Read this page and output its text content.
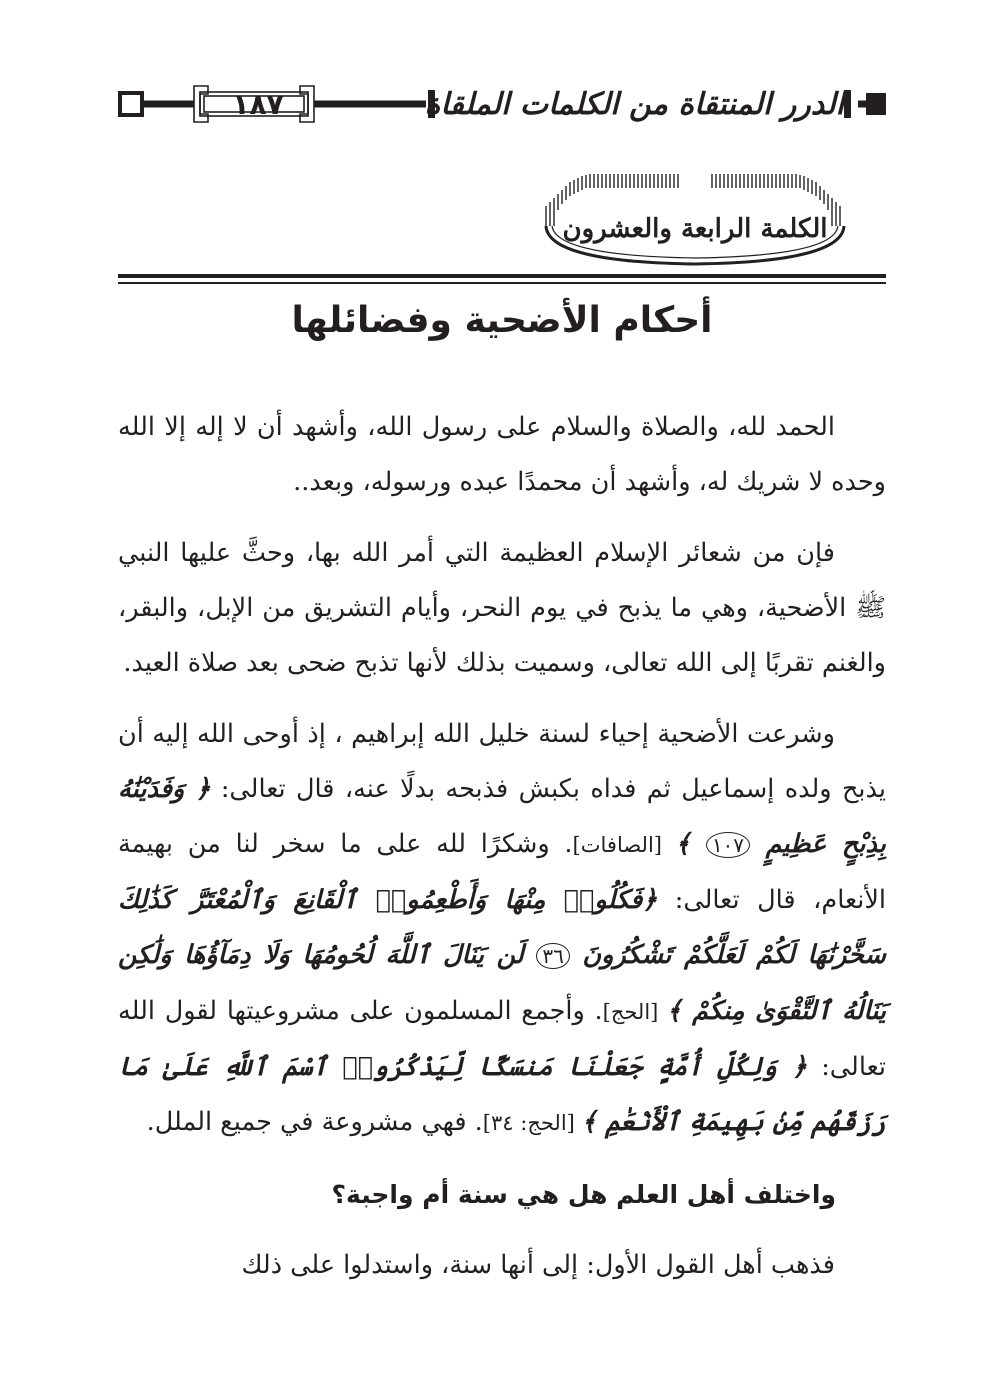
١٨٧	الدرر المنتقاة من الكلمات الملقاة
الكلمة الرابعة والعشرون
أحكام الأضحية وفضائلها

الحمد لله، والصلاة والسلام على رسول الله، وأشهد أن لا إله إلا الله وحده لا شريك له، وأشهد أن محمدًا عبده ورسوله، وبعد..

فإن من شعائر الإسلام العظيمة التي أمر الله بها، وحثَّ عليها النبي ﷺ الأضحية، وهي ما يذبح في يوم النحر، وأيام التشريق من الإبل، والبقر، والغنم تقربًا إلى الله تعالى، وسميت بذلك لأنها تذبح ضحى بعد صلاة العيد.

وشرعت الأضحية إحياء لسنة خليل الله إبراهيم ، إذ أوحى الله إليه أن يذبح ولده إسماعيل ثم فداه بكبش فذبحه بدلًا عنه، قال تعالى: ﴿ وَفَدَيْنَٰهُ بِذِبْحٍ عَظِيمٍ ١٠٧ ﴾ [الصافات]. وشكرًا لله على ما سخر لنا من بهيمة الأنعام، قال تعالى: ﴿فَكُلُوا۟ مِنْهَا وَأَطْعِمُوا۟ ٱلْقَانِعَ وَٱلْمُعْتَرَّ كَذَٰلِكَ سَخَّرْنَٰهَا لَكُمْ لَعَلَّكُمْ تَشْكُرُونَ ٣٦ لَن يَنَالَ ٱللَّهَ لُحُومُهَا وَلَا دِمَآؤُهَا وَلَٰكِن يَنَالُهُ ٱلتَّقْوَىٰ مِنكُمْ ﴾ [الحج]. وأجمع المسلمون على مشروعيتها لقول الله تعالى: ﴿ وَلِكُلِّ أُمَّةٍ جَعَلْنَا مَنسَكًا لِّيَذْكُرُوا۟ ٱسْمَ ٱللَّهِ عَلَىٰ مَا رَزَقَهُم مِّنۢ بَهِيمَةِ ٱلْأَنْعَٰمِ ﴾ [الحج: ٣٤]. فهي مشروعة في جميع الملل.

واختلف أهل العلم هل هي سنة أم واجبة؟

فذهب أهل القول الأول: إلى أنها سنة، واستدلوا على ذلك
